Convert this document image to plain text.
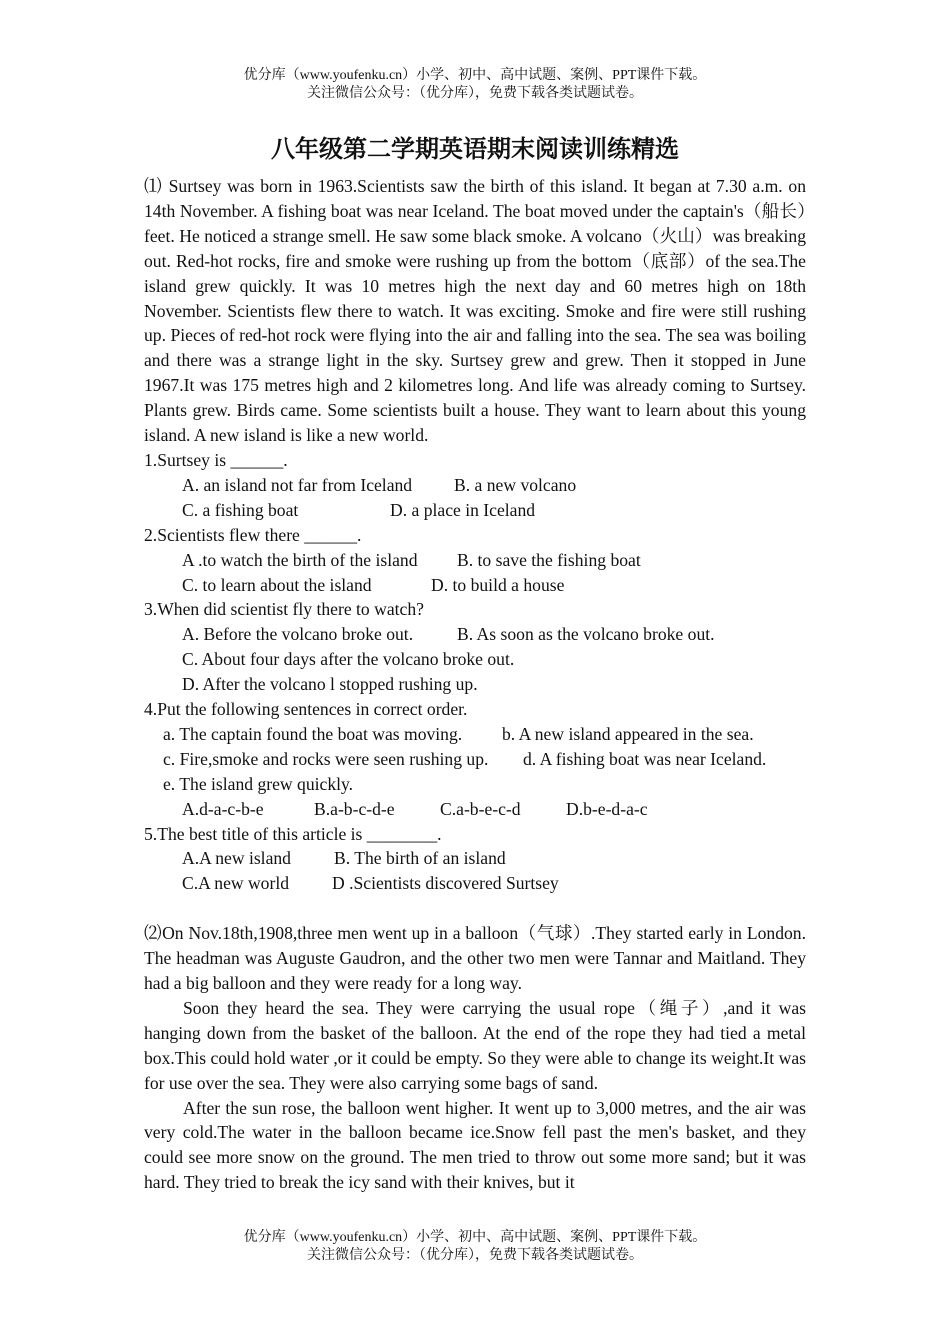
优分库（www.youfenku.cn）小学、初中、高中试题、案例、PPT课件下载。
关注微信公众号：（优分库），免费下载各类试题试卷。
八年级第二学期英语期末阅读训练精选

⑴ Surtsey was born in 1963.Scientists saw the birth of this island. It began at 7.30 a.m. on 14th November. A fishing boat was near Iceland. The boat moved under the captain's（船长）feet. He noticed a strange smell. He saw some black smoke. A volcano（火山）was breaking out. Red-hot rocks, fire and smoke were rushing up from the bottom（底部）of the sea.The island grew quickly. It was 10 metres high the next day and 60 metres high on 18th November. Scientists flew there to watch. It was exciting. Smoke and fire were still rushing up. Pieces of red-hot rock were flying into the air and falling into the sea. The sea was boiling and there was a strange light in the sky. Surtsey grew and grew. Then it stopped in June 1967.It was 175 metres high and 2 kilometres long. And life was already coming to Surtsey. Plants grew. Birds came. Some scientists built a house. They want to learn about this young island. A new island is like a new world.

1.Surtsey is ______.

A. an island not far from Iceland B. a new volcano

C. a fishing boat	D. a place in Iceland

2.Scientists flew there ______.

A .to watch the birth of the island B. to save the fishing boat

C. to learn about the island	D. to build a house

3.When did scientist fly there to watch?

A. Before the volcano broke out. B. As soon as the volcano broke out.

C. About four days after the volcano broke out.

D. After the volcano l stopped rushing up.

4.Put the following sentences in correct order.

a. The captain found the boat was moving. b. A new island appeared in the sea.

c. Fire,smoke and rocks were seen rushing up. d. A fishing boat was near Iceland.

e. The island grew quickly.

A.d-a-c-b-e	B.a-b-c-d-e	C.a-b-e-c-d	D.b-e-d-a-c

5.The best title of this article is ________.

A.A new island B. The birth of an island

C.A new world D .Scientists discovered Surtsey

⑵On Nov.18th,1908,three men went up in a balloon（气球）.They started early in London. The headman was Auguste Gaudron, and the other two men were Tannar and Maitland. They had a big balloon and they were ready for a long way.

Soon they heard the sea. They were carrying the usual rope（绳子）,and it was hanging down from the basket of the balloon. At the end of the rope they had tied a metal box.This could hold water ,or it could be empty. So they were able to change its weight.It was for use over the sea. They were also carrying some bags of sand.

After the sun rose, the balloon went higher. It went up to 3,000 metres, and the air was very cold.The water in the balloon became ice.Snow fell past the men's basket, and they could see more snow on the ground. The men tried to throw out some more sand; but it was hard. They tried to break the icy sand with their knives, but it

优分库（www.youfenku.cn）小学、初中、高中试题、案例、PPT课件下载。
关注微信公众号：（优分库），免费下载各类试题试卷。
